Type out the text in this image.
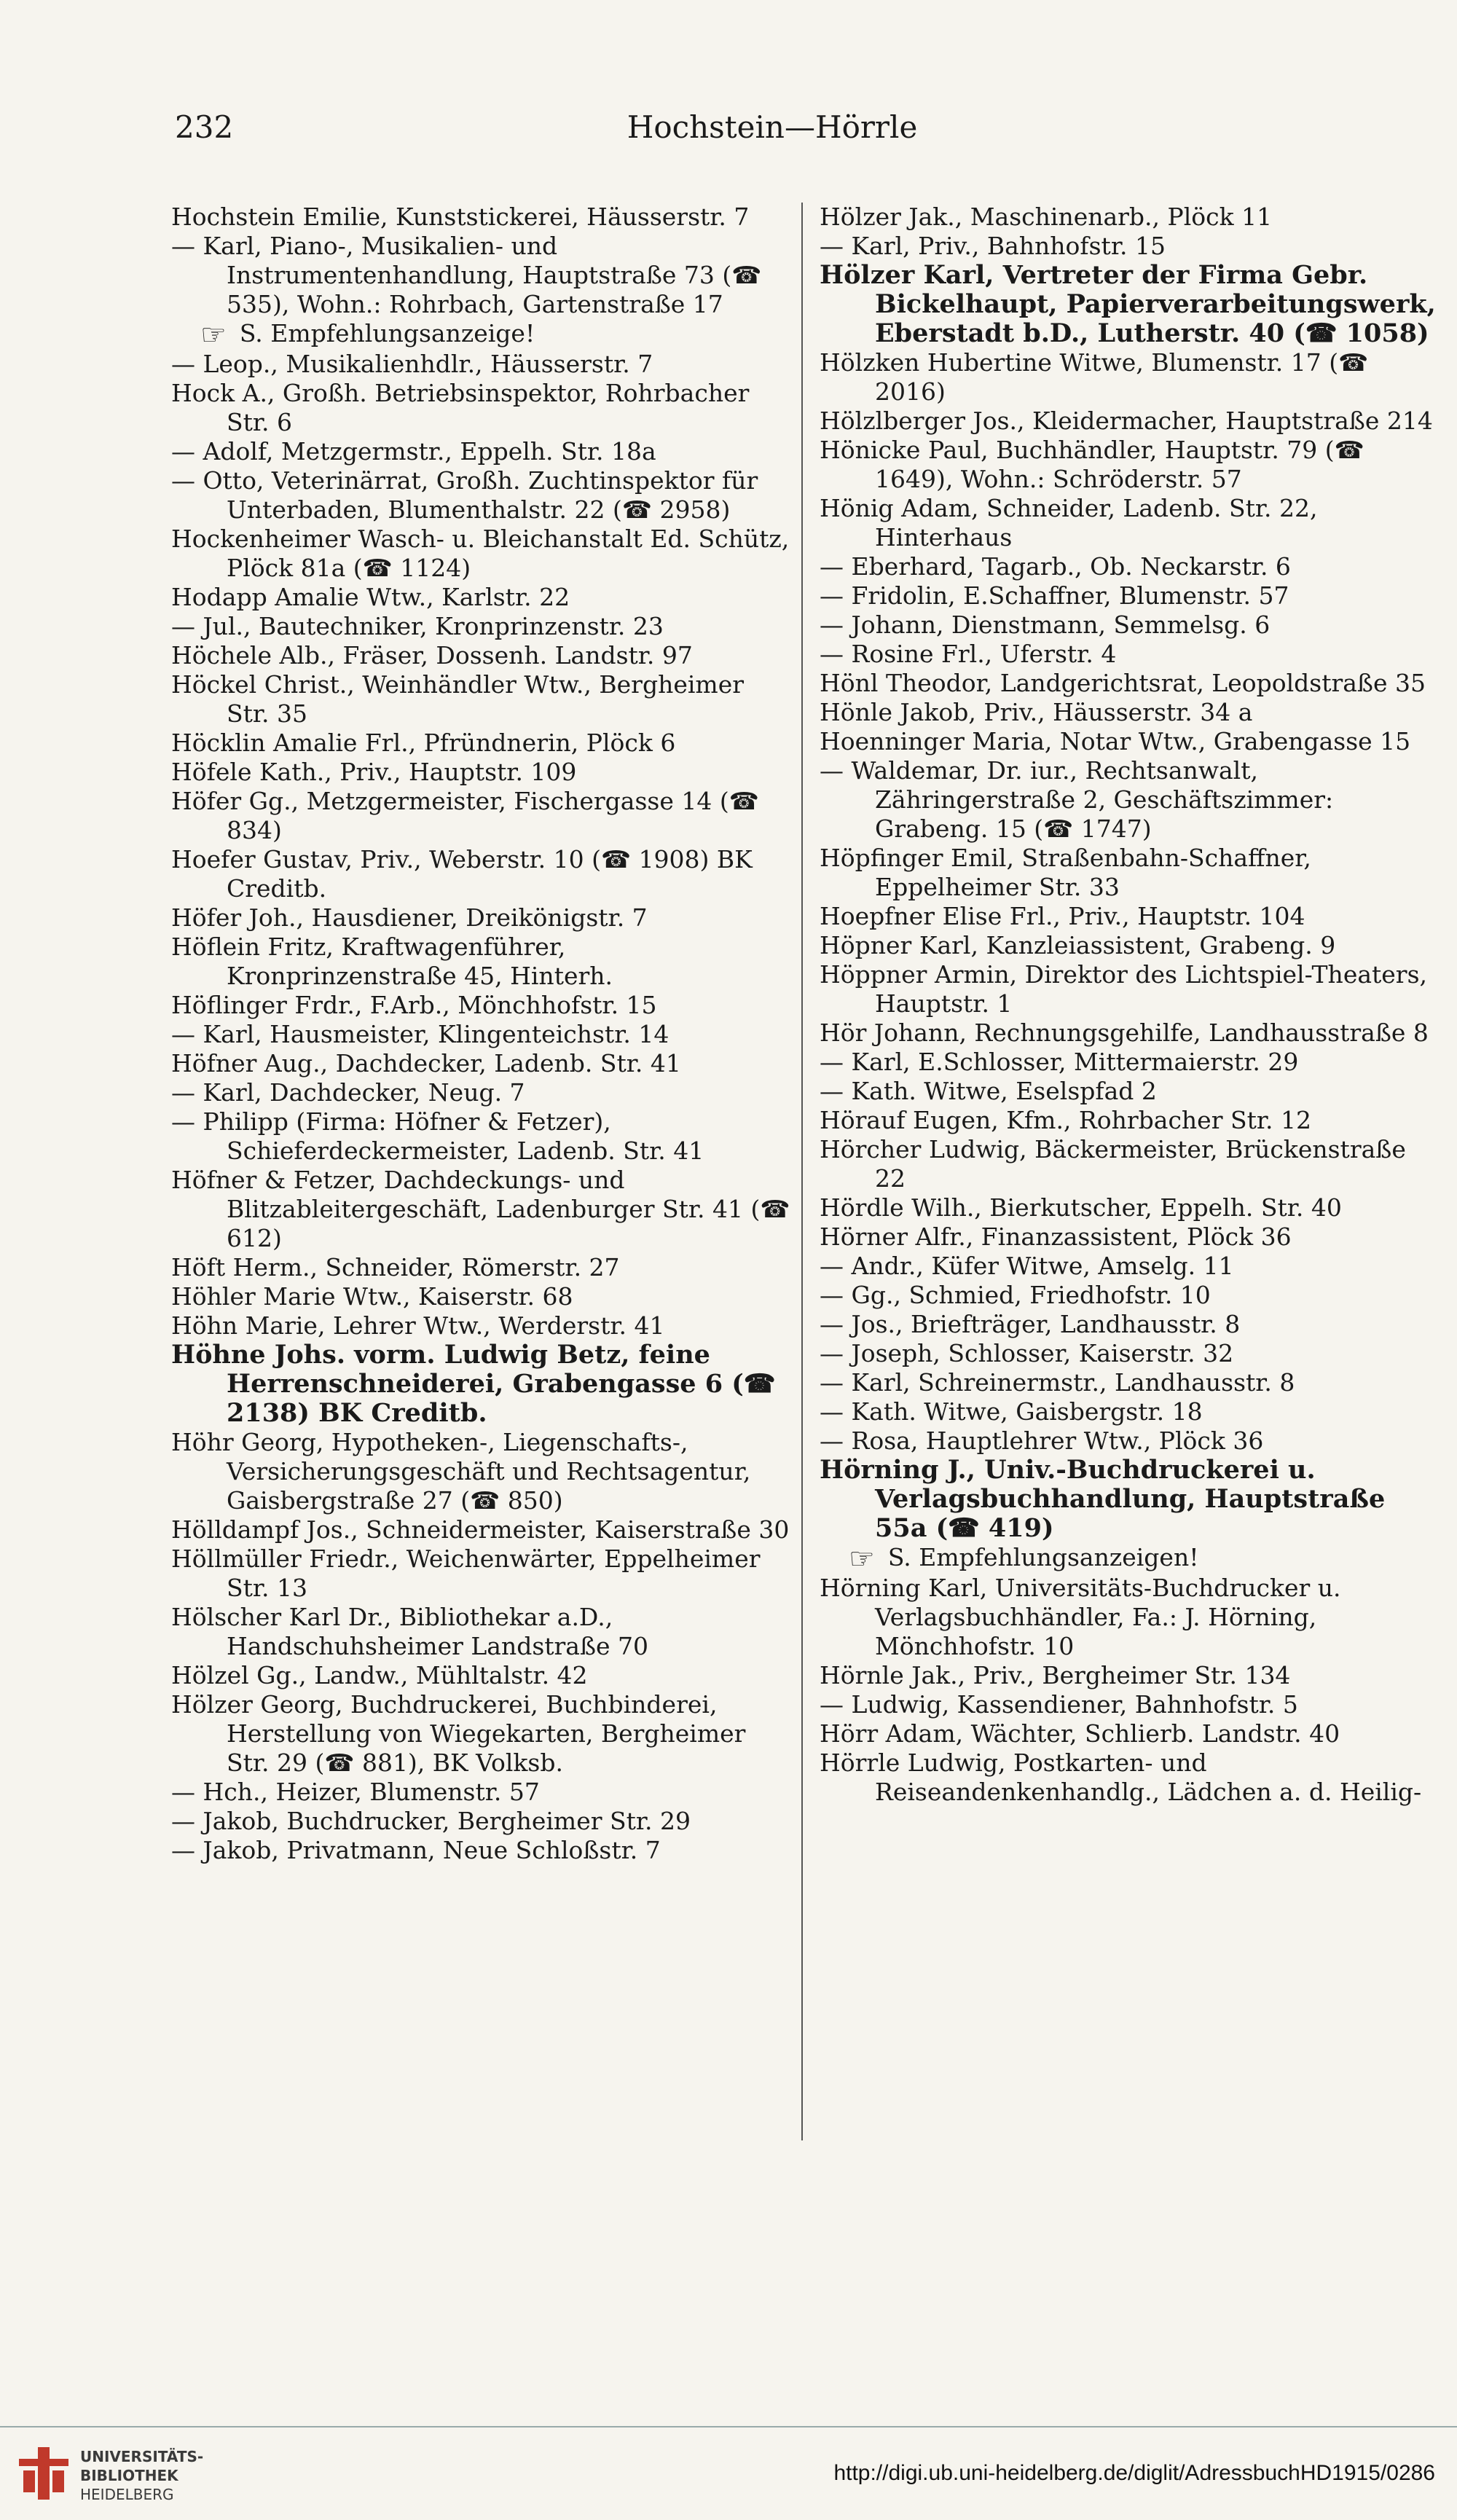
232	Hochstein—Hörrle
Hochstein Emilie, Kunststickerei, Häusserstr. 7
— Karl, Piano-, Musikalien- und Instrumentenhandlung, Hauptstraße 73 (☎ 535), Wohn.: Rohrbach, Gartenstraße 17
☞ S. Empfehlungsanzeige!
— Leop., Musikalienhdlr., Häusserstr. 7
Hock A., Großh. Betriebsinspektor, Rohrbacher Str. 6
— Adolf, Metzgermstr., Eppelh. Str. 18a
— Otto, Veterinärrat, Großh. Zuchtinspektor für Unterbaden, Blumenthalstr. 22 (☎ 2958)
Hockenheimer Wasch- u. Bleichanstalt Ed. Schütz, Plöck 81a (☎ 1124)
Hodapp Amalie Wtw., Karlstr. 22
— Jul., Bautechniker, Kronprinzenstr. 23
Höchele Alb., Fräser, Dossenh. Landstr. 97
Höckel Christ., Weinhändler Wtw., Bergheimer Str. 35
Höcklin Amalie Frl., Pfründnerin, Plöck 6
Höfele Kath., Priv., Hauptstr. 109
Höfer Gg., Metzgermeister, Fischergasse 14 (☎ 834)
Hoefer Gustav, Priv., Weberstr. 10 (☎ 1908) BK Creditb.
Höfer Joh., Hausdiener, Dreikönigstr. 7
Höflein Fritz, Kraftwagenführer, Kronprinzenstraße 45, Hinterh.
Höflinger Frdr., F.Arb., Mönchhofstr. 15
— Karl, Hausmeister, Klingenteichstr. 14
Höfner Aug., Dachdecker, Ladenb. Str. 41
— Karl, Dachdecker, Neug. 7
— Philipp (Firma: Höfner & Fetzer), Schieferdeckermeister, Ladenb. Str. 41
Höfner & Fetzer, Dachdeckungs- und Blitzableitergeschäft, Ladenburger Str. 41 (☎ 612)
Höft Herm., Schneider, Römerstr. 27
Höhler Marie Wtw., Kaiserstr. 68
Höhn Marie, Lehrer Wtw., Werderstr. 41
Höhne Johs. vorm. Ludwig Betz, feine Herrenschneiderei, Grabengasse 6 (☎ 2138) BK Creditb.
Höhr Georg, Hypotheken-, Liegenschafts-, Versicherungsgeschäft und Rechtsagentur, Gaisbergstraße 27 (☎ 850)
Hölldampf Jos., Schneidermeister, Kaiserstraße 30
Höllmüller Friedr., Weichenwärter, Eppelheimer Str. 13
Hölscher Karl Dr., Bibliothekar a.D., Handschuhsheimer Landstraße 70
Hölzel Gg., Landw., Mühltalstr. 42
Hölzer Georg, Buchdruckerei, Buchbinderei, Herstellung von Wiegekarten, Bergheimer Str. 29 (☎ 881), BK Volksb.
— Hch., Heizer, Blumenstr. 57
— Jakob, Buchdrucker, Bergheimer Str. 29
— Jakob, Privatmann, Neue Schloßstr. 7
Hölzer Jak., Maschinenarb., Plöck 11
— Karl, Priv., Bahnhofstr. 15
Hölzer Karl, Vertreter der Firma Gebr. Bickelhaupt, Papierverarbeitungswerk, Eberstadt b.D., Lutherstr. 40 (☎ 1058)
Hölzken Hubertine Witwe, Blumenstr. 17 (☎ 2016)
Hölzlberger Jos., Kleidermacher, Hauptstraße 214
Hönicke Paul, Buchhändler, Hauptstr. 79 (☎ 1649), Wohn.: Schröderstr. 57
Hönig Adam, Schneider, Ladenb. Str. 22, Hinterhaus
— Eberhard, Tagarb., Ob. Neckarstr. 6
— Fridolin, E.Schaffner, Blumenstr. 57
— Johann, Dienstmann, Semmelsg. 6
— Rosine Frl., Uferstr. 4
Hönl Theodor, Landgerichtsrat, Leopoldstraße 35
Hönle Jakob, Priv., Häusserstr. 34 a
Hoenninger Maria, Notar Wtw., Grabengasse 15
— Waldemar, Dr. iur., Rechtsanwalt, Zähringerstraße 2, Geschäftszimmer: Grabeng. 15 (☎ 1747)
Höpfinger Emil, Straßenbahn-Schaffner, Eppelheimer Str. 33
Hoepfner Elise Frl., Priv., Hauptstr. 104
Höpner Karl, Kanzleiassistent, Grabeng. 9
Höppner Armin, Direktor des Lichtspiel-Theaters, Hauptstr. 1
Hör Johann, Rechnungsgehilfe, Landhausstraße 8
— Karl, E.Schlosser, Mittermaierstr. 29
— Kath. Witwe, Eselspfad 2
Hörauf Eugen, Kfm., Rohrbacher Str. 12
Hörcher Ludwig, Bäckermeister, Brückenstraße 22
Hördle Wilh., Bierkutscher, Eppelh. Str. 40
Hörner Alfr., Finanzassistent, Plöck 36
— Andr., Küfer Witwe, Amselg. 11
— Gg., Schmied, Friedhofstr. 10
— Jos., Briefträger, Landhausstr. 8
— Joseph, Schlosser, Kaiserstr. 32
— Karl, Schreinermstr., Landhausstr. 8
— Kath. Witwe, Gaisbergstr. 18
— Rosa, Hauptlehrer Wtw., Plöck 36
Hörning J., Univ.-Buchdruckerei u. Verlagsbuchhandlung, Hauptstraße 55a (☎ 419)
☞ S. Empfehlungsanzeigen!
Hörning Karl, Universitäts-Buchdrucker u. Verlagsbuchhändler, Fa.: J. Hörning, Mönchhofstr. 10
Hörnle Jak., Priv., Bergheimer Str. 134
— Ludwig, Kassendiener, Bahnhofstr. 5
Hörr Adam, Wächter, Schlierb. Landstr. 40
Hörrle Ludwig, Postkarten- und Reiseandenkenhandlg., Lädchen a. d. Heilig-
UNIVERSITÄTS-
BIBLIOTHEK
HEIDELBERG
http://digi.ub.uni-heidelberg.de/diglit/AdressbuchHD1915/0286
